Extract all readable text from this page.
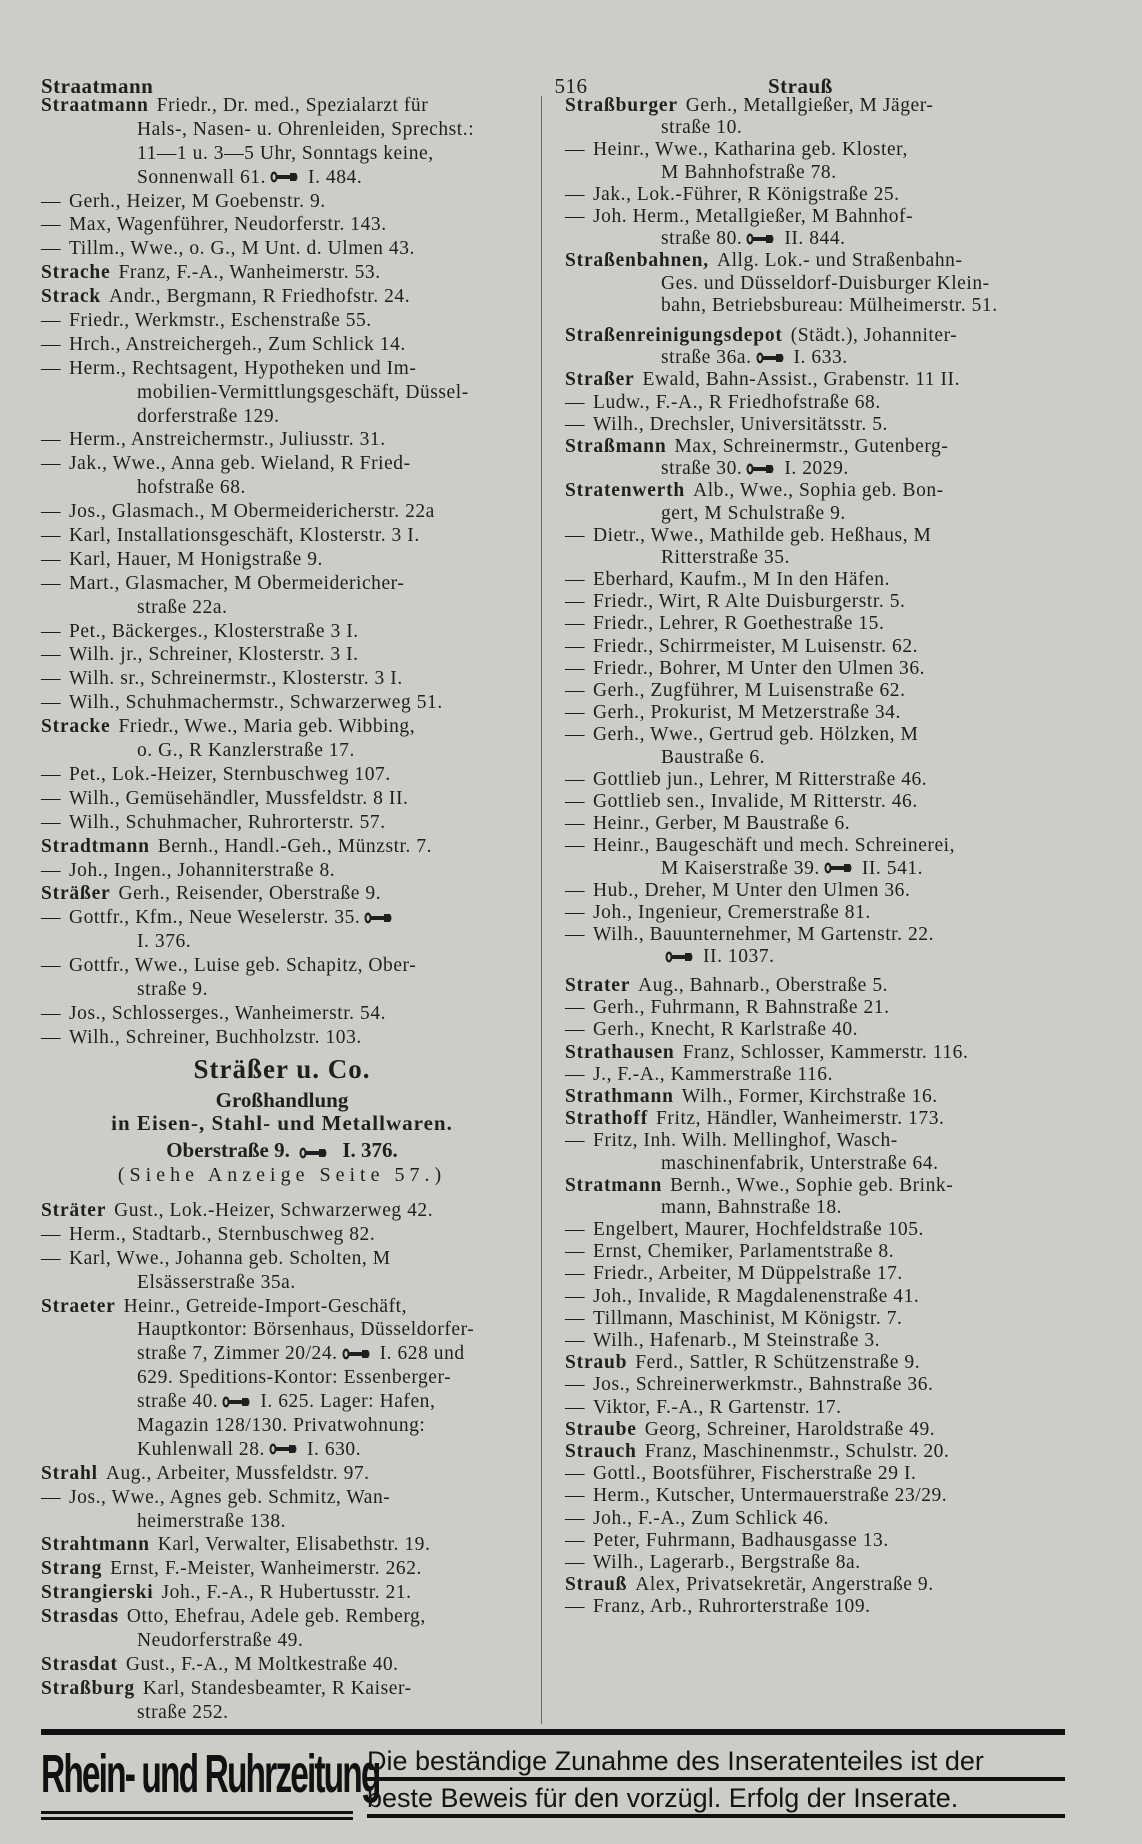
Straatmann	516	Strauß
Straatmann Friedr., Dr. med., Spezialarzt für
Hals-, Nasen- u. Ohrenleiden, Sprechst.:
11—1 u. 3—5 Uhr, Sonntags keine,
Sonnenwall 61. I. 484.
— Gerh., Heizer, M Goebenstr. 9.
— Max, Wagenführer, Neudorferstr. 143.
— Tillm., Wwe., o. G., M Unt. d. Ulmen 43.
Strache Franz, F.-A., Wanheimerstr. 53.
Strack Andr., Bergmann, R Friedhofstr. 24.
— Friedr., Werkmstr., Eschenstraße 55.
— Hrch., Anstreichergeh., Zum Schlick 14.
— Herm., Rechtsagent, Hypotheken und Im-
mobilien-Vermittlungsgeschäft, Düssel-
dorferstraße 129.
— Herm., Anstreichermstr., Juliusstr. 31.
— Jak., Wwe., Anna geb. Wieland, R Fried-
hofstraße 68.
— Jos., Glasmach., M Obermeidericherstr. 22a
— Karl, Installationsgeschäft, Klosterstr. 3 I.
— Karl, Hauer, M Honigstraße 9.
— Mart., Glasmacher, M Obermeidericher-
straße 22a.
— Pet., Bäckerges., Klosterstraße 3 I.
— Wilh. jr., Schreiner, Klosterstr. 3 I.
— Wilh. sr., Schreinermstr., Klosterstr. 3 I.
— Wilh., Schuhmachermstr., Schwarzerweg 51.
Stracke Friedr., Wwe., Maria geb. Wibbing,
o. G., R Kanzlerstraße 17.
— Pet., Lok.-Heizer, Sternbuschweg 107.
— Wilh., Gemüsehändler, Mussfeldstr. 8 II.
— Wilh., Schuhmacher, Ruhrorterstr. 57.
Stradtmann Bernh., Handl.-Geh., Münzstr. 7.
— Joh., Ingen., Johanniterstraße 8.
Sträßer Gerh., Reisender, Oberstraße 9.
— Gottfr., Kfm., Neue Weselerstr. 35.
I. 376.
— Gottfr., Wwe., Luise geb. Schapitz, Ober-
straße 9.
— Jos., Schlosserges., Wanheimerstr. 54.
— Wilh., Schreiner, Buchholzstr. 103.
Sträter Gust., Lok.-Heizer, Schwarzerweg 42.
— Herm., Stadtarb., Sternbuschweg 82.
— Karl, Wwe., Johanna geb. Scholten, M
Elsässerstraße 35a.
Straeter Heinr., Getreide-Import-Geschäft,
Hauptkontor: Börsenhaus, Düsseldorfer-
straße 7, Zimmer 20/24. I. 628 und
629. Speditions-Kontor: Essenberger-
straße 40. I. 625. Lager: Hafen,
Magazin 128/130. Privatwohnung:
Kuhlenwall 28. I. 630.
Strahl Aug., Arbeiter, Mussfeldstr. 97.
— Jos., Wwe., Agnes geb. Schmitz, Wan-
heimerstraße 138.
Strahtmann Karl, Verwalter, Elisabethstr. 19.
Strang Ernst, F.-Meister, Wanheimerstr. 262.
Strangierski Joh., F.-A., R Hubertusstr. 21.
Strasdas Otto, Ehefrau, Adele geb. Remberg,
Neudorferstraße 49.
Strasdat Gust., F.-A., M Moltkestraße 40.
Straßburg Karl, Standesbeamter, R Kaiser-
straße 252.
Sträßer u. Co.
Großhandlung
in Eisen-, Stahl- und Metallwaren.
Oberstraße 9.	I. 376.
(Siehe Anzeige Seite 57.)
Straßburger Gerh., Metallgießer, M Jäger-
straße 10.
— Heinr., Wwe., Katharina geb. Kloster,
M Bahnhofstraße 78.
— Jak., Lok.-Führer, R Königstraße 25.
— Joh. Herm., Metallgießer, M Bahnhof-
straße 80. II. 844.
Straßenbahnen, Allg. Lok.- und Straßenbahn-
Ges. und Düsseldorf-Duisburger Klein-
bahn, Betriebsbureau: Mülheimerstr. 51.
Straßenreinigungsdepot (Städt.), Johanniter-
straße 36a. I. 633.
Straßer Ewald, Bahn-Assist., Grabenstr. 11 II.
— Ludw., F.-A., R Friedhofstraße 68.
— Wilh., Drechsler, Universitätsstr. 5.
Straßmann Max, Schreinermstr., Gutenberg-
straße 30. I. 2029.
Stratenwerth Alb., Wwe., Sophia geb. Bon-
gert, M Schulstraße 9.
— Dietr., Wwe., Mathilde geb. Heßhaus, M
Ritterstraße 35.
— Eberhard, Kaufm., M In den Häfen.
— Friedr., Wirt, R Alte Duisburgerstr. 5.
— Friedr., Lehrer, R Goethestraße 15.
— Friedr., Schirrmeister, M Luisenstr. 62.
— Friedr., Bohrer, M Unter den Ulmen 36.
— Gerh., Zugführer, M Luisenstraße 62.
— Gerh., Prokurist, M Metzerstraße 34.
— Gerh., Wwe., Gertrud geb. Hölzken, M
Baustraße 6.
— Gottlieb jun., Lehrer, M Ritterstraße 46.
— Gottlieb sen., Invalide, M Ritterstr. 46.
— Heinr., Gerber, M Baustraße 6.
— Heinr., Baugeschäft und mech. Schreinerei,
M Kaiserstraße 39. II. 541.
— Hub., Dreher, M Unter den Ulmen 36.
— Joh., Ingenieur, Cremerstraße 81.
— Wilh., Bauunternehmer, M Gartenstr. 22.
II. 1037.
Strater Aug., Bahnarb., Oberstraße 5.
— Gerh., Fuhrmann, R Bahnstraße 21.
— Gerh., Knecht, R Karlstraße 40.
Strathausen Franz, Schlosser, Kammerstr. 116.
— J., F.-A., Kammerstraße 116.
Strathmann Wilh., Former, Kirchstraße 16.
Strathoff Fritz, Händler, Wanheimerstr. 173.
— Fritz, Inh. Wilh. Mellinghof, Wasch-
maschinenfabrik, Unterstraße 64.
Stratmann Bernh., Wwe., Sophie geb. Brink-
mann, Bahnstraße 18.
— Engelbert, Maurer, Hochfeldstraße 105.
— Ernst, Chemiker, Parlamentstraße 8.
— Friedr., Arbeiter, M Düppelstraße 17.
— Joh., Invalide, R Magdalenenstraße 41.
— Tillmann, Maschinist, M Königstr. 7.
— Wilh., Hafenarb., M Steinstraße 3.
Straub Ferd., Sattler, R Schützenstraße 9.
— Jos., Schreinerwerkmstr., Bahnstraße 36.
— Viktor, F.-A., R Gartenstr. 17.
Straube Georg, Schreiner, Haroldstraße 49.
Strauch Franz, Maschinenmstr., Schulstr. 20.
— Gottl., Bootsführer, Fischerstraße 29 I.
— Herm., Kutscher, Untermauerstraße 23/29.
— Joh., F.-A., Zum Schlick 46.
— Peter, Fuhrmann, Badhausgasse 13.
— Wilh., Lagerarb., Bergstraße 8a.
Strauß Alex, Privatsekretär, Angerstraße 9.
— Franz, Arb., Ruhrorterstraße 109.
Rhein- und Ruhrzeitung
Die beständige Zunahme des Inseratenteiles ist der
beste Beweis für den vorzügl. Erfolg der Inserate.
